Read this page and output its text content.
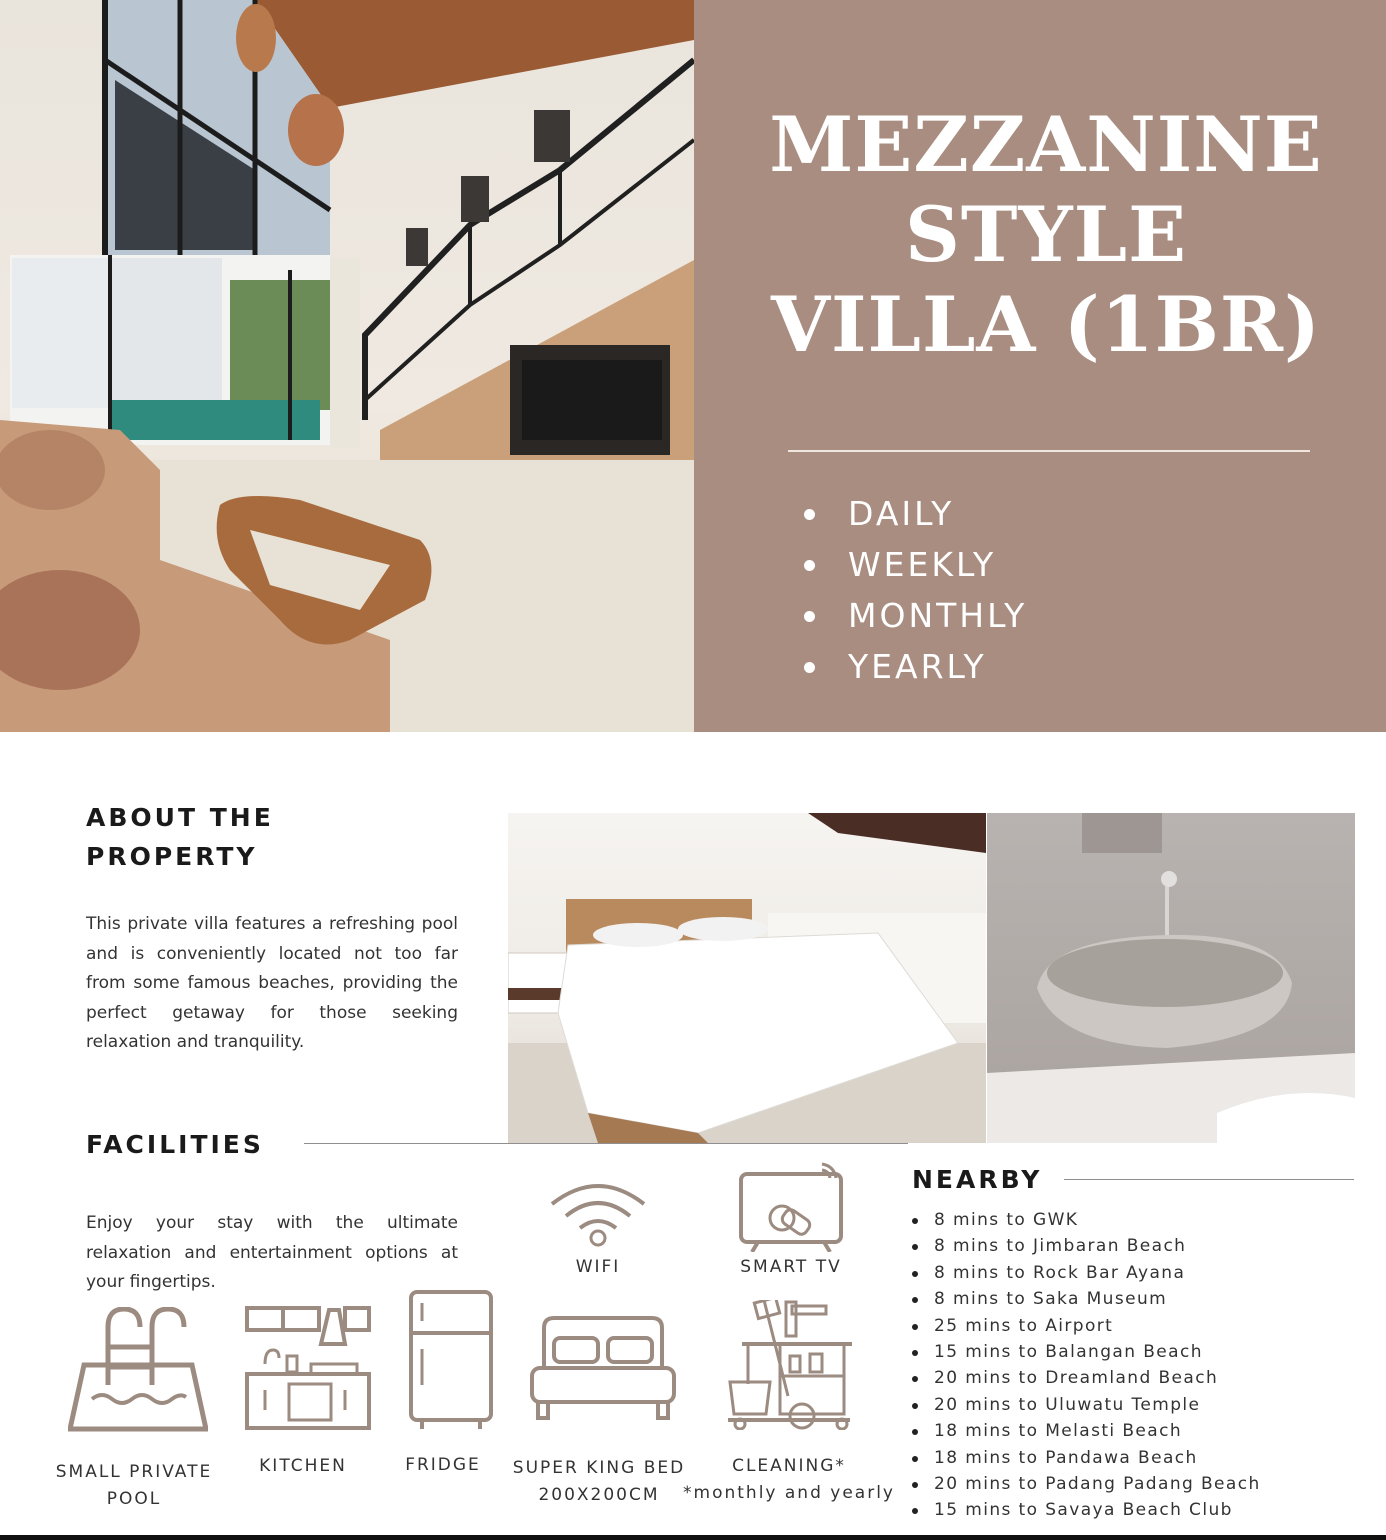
MEZZANINE
STYLE
VILLA (1BR)
DAILY
WEEKLY
MONTHLY
YEARLY
ABOUT THE
PROPERTY

This private villa features a refreshing pool and is conveniently located not too far from some famous beaches, providing the perfect getaway for those seeking relaxation and tranquility.

FACILITIES

Enjoy your stay with the ultimate relaxation and entertainment options at your fingertips.

WIFI	SMART TV
SMALL PRIVATE
POOL
KITCHEN	FRIDGE	SUPER KING BED
200X200CM
CLEANING*
*monthly and yearly
NEARBY
8 mins to GWK
8 mins to Jimbaran Beach
8 mins to Rock Bar Ayana
8 mins to Saka Museum
25 mins to Airport
15 mins to Balangan Beach
20 mins to Dreamland Beach
20 mins to Uluwatu Temple
18 mins to Melasti Beach
18 mins to Pandawa Beach
20 mins to Padang Padang Beach
15 mins to Savaya Beach Club
